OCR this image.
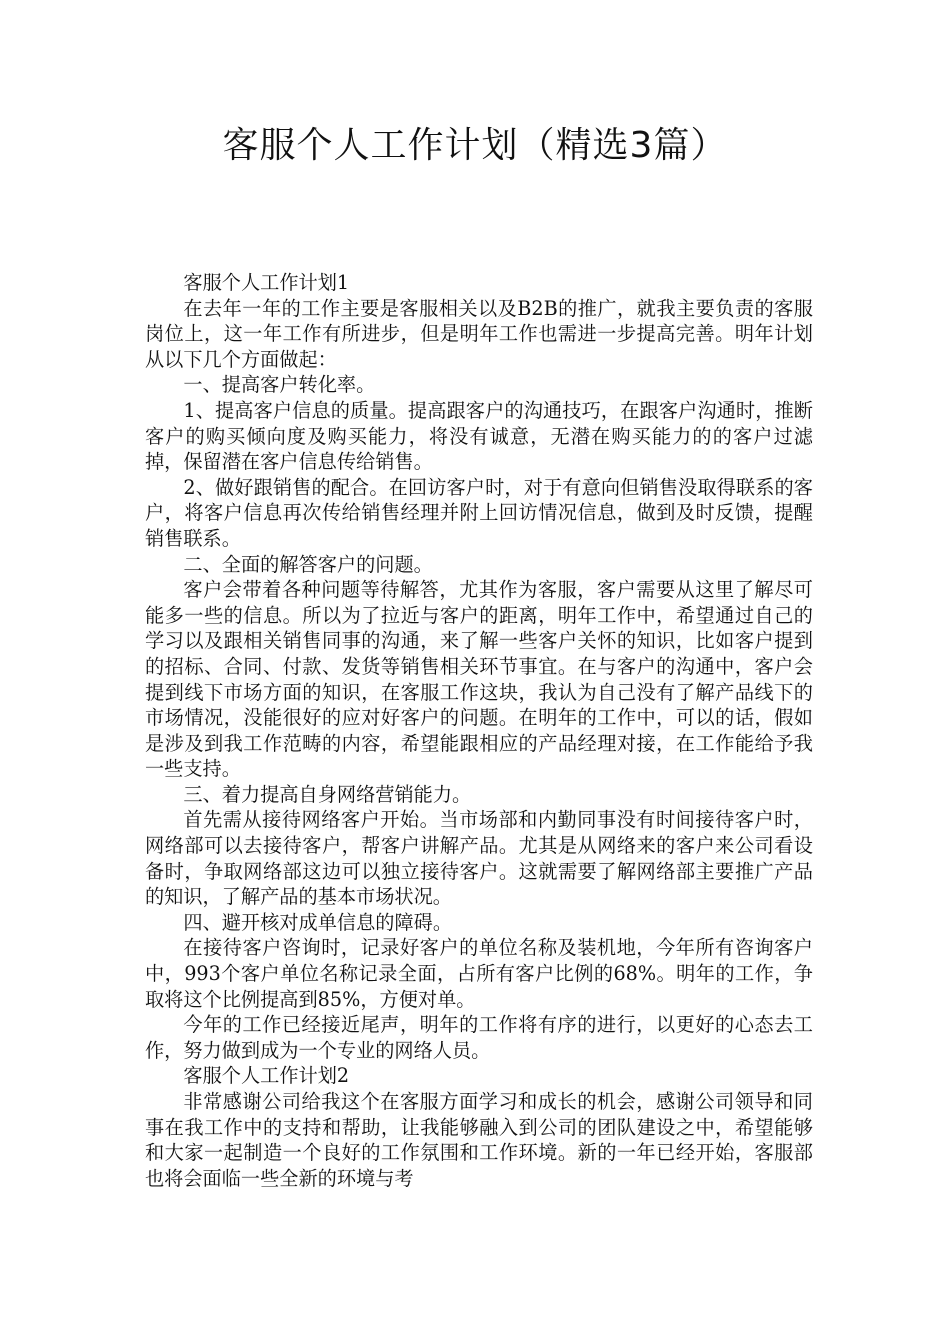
客服个人工作计划（精选3篇）

客服个人工作计划1

在去年一年的工作主要是客服相关以及B2B的推广，就我主要负责的客服岗位上，这一年工作有所进步，但是明年工作也需进一步提高完善。明年计划从以下几个方面做起：

一、提高客户转化率。

1、提高客户信息的质量。提高跟客户的沟通技巧，在跟客户沟通时，推断客户的购买倾向度及购买能力，将没有诚意，无潜在购买能力的的客户过滤掉，保留潜在客户信息传给销售。

2、做好跟销售的配合。在回访客户时，对于有意向但销售没取得联系的客户，将客户信息再次传给销售经理并附上回访情况信息，做到及时反馈，提醒销售联系。

二、全面的解答客户的问题。

客户会带着各种问题等待解答，尤其作为客服，客户需要从这里了解尽可能多一些的信息。所以为了拉近与客户的距离，明年工作中，希望通过自己的学习以及跟相关销售同事的沟通，来了解一些客户关怀的知识，比如客户提到的招标、合同、付款、发货等销售相关环节事宜。在与客户的沟通中，客户会提到线下市场方面的知识，在客服工作这块，我认为自己没有了解产品线下的市场情况，没能很好的应对好客户的问题。在明年的工作中，可以的话，假如是涉及到我工作范畴的内容，希望能跟相应的产品经理对接，在工作能给予我一些支持。

三、着力提高自身网络营销能力。

首先需从接待网络客户开始。当市场部和内勤同事没有时间接待客户时，网络部可以去接待客户，帮客户讲解产品。尤其是从网络来的客户来公司看设备时，争取网络部这边可以独立接待客户。这就需要了解网络部主要推广产品的知识，了解产品的基本市场状况。

四、避开核对成单信息的障碍。

在接待客户咨询时，记录好客户的单位名称及装机地，今年所有咨询客户中，993个客户单位名称记录全面，占所有客户比例的68%。明年的工作，争取将这个比例提高到85%，方便对单。

今年的工作已经接近尾声，明年的工作将有序的进行，以更好的心态去工作，努力做到成为一个专业的网络人员。

客服个人工作计划2

非常感谢公司给我这个在客服方面学习和成长的机会，感谢公司领导和同事在我工作中的支持和帮助，让我能够融入到公司的团队建设之中，希望能够和大家一起制造一个良好的工作氛围和工作环境。新的一年已经开始，客服部也将会面临一些全新的环境与考
